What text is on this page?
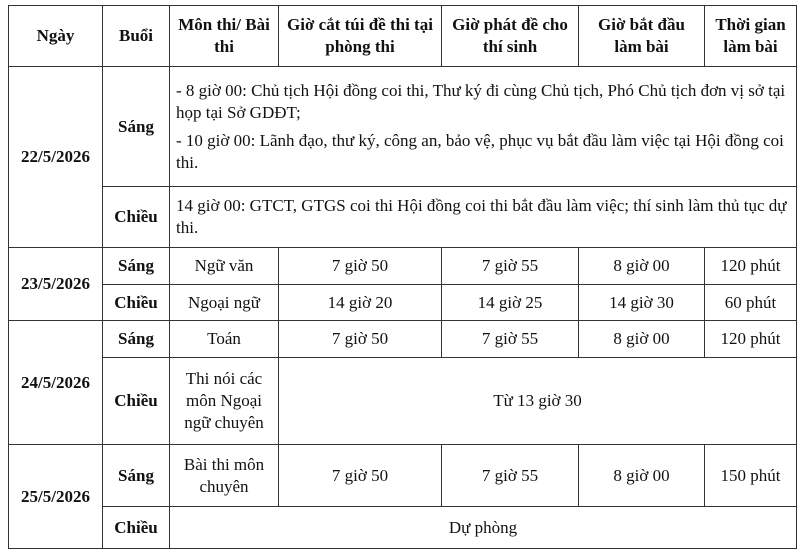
Ngày	Buổi	Môn thi/ Bài thi	Giờ cắt túi đề thi tại phòng thi	Giờ phát đề cho thí sinh	Giờ bắt đầu làm bài	Thời gian làm bài
22/5/2026	Sáng	- 8 giờ 00: Chủ tịch Hội đồng coi thi, Thư ký đi cùng Chủ tịch, Phó Chủ tịch đơn vị sở tại họp tại Sở GDĐT;
- 10 giờ 00: Lãnh đạo, thư ký, công an, bảo vệ, phục vụ bắt đầu làm việc tại Hội đồng coi thi.				

	Chiều	14 giờ 00: GTCT, GTGS coi thi Hội đồng coi thi bắt đầu làm việc; thí sinh làm thủ tục dự thi.				

23/5/2026	Sáng	Ngữ văn	7 giờ 50	7 giờ 55	8 giờ 00	120 phút
	Chiều	Ngoại ngữ	14 giờ 20	14 giờ 25	14 giờ 30	60 phút
24/5/2026	Sáng	Toán	7 giờ 50	7 giờ 55	8 giờ 00	120 phút
	Chiều	Thi nói các môn Ngoại ngữ chuyên	Từ 13 giờ 30			
25/5/2026	Sáng	Bài thi môn chuyên	7 giờ 50	7 giờ 55	8 giờ 00	150 phút
	Chiều	Dự phòng				
